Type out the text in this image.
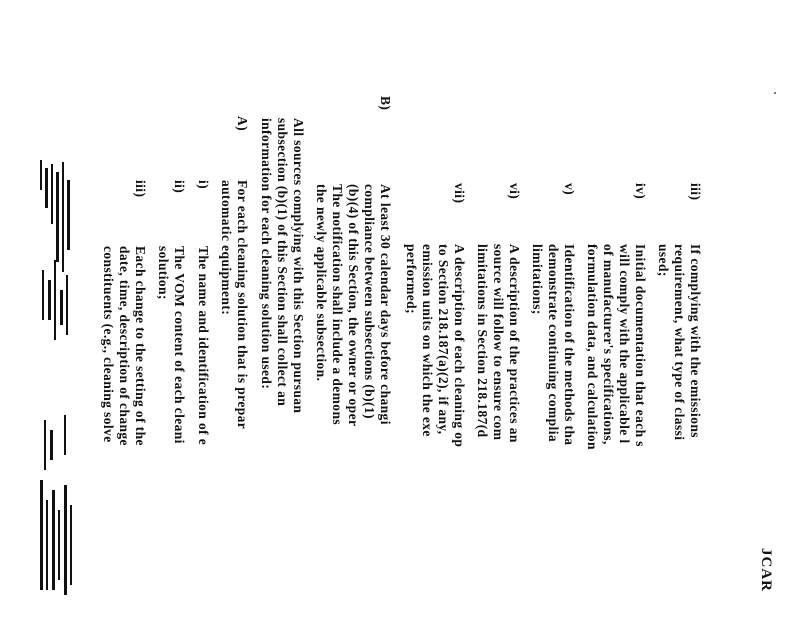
JCAR
iii)
If complying with the emissions
requirement, what type of classi
used;
iv)
Initial documentation that each s
will comply with the applicable l
of manufacturer's specifications,
formulation data, and calculation
v)
Identification of the methods tha
demonstrate continuing complia
limitations;
vi)
A description of the practices an
source will follow to ensure com
limitations in Section 218.187(d
vii)
A description of each cleaning op
to Section 218.187(a)(2), if any,
emission units on which the exe
performed;
B)
At least 30 calendar days before changi
compliance between subsections (b)(1)
(b)(4) of this Section, the owner or oper
The notification shall include a demons
the newly applicable subsection.
All sources complying with this Section pursuan
subsection (b)(1) of this Section shall collect an
information for each cleaning solution used:
A)
For each cleaning solution that is prepar
automatic equipment:
i)
The name and identification of e
ii)
The VOM content of each cleani
solution;
iii)
Each change to the setting of the
date, time, description of change
constituents (e.g., cleaning solve
